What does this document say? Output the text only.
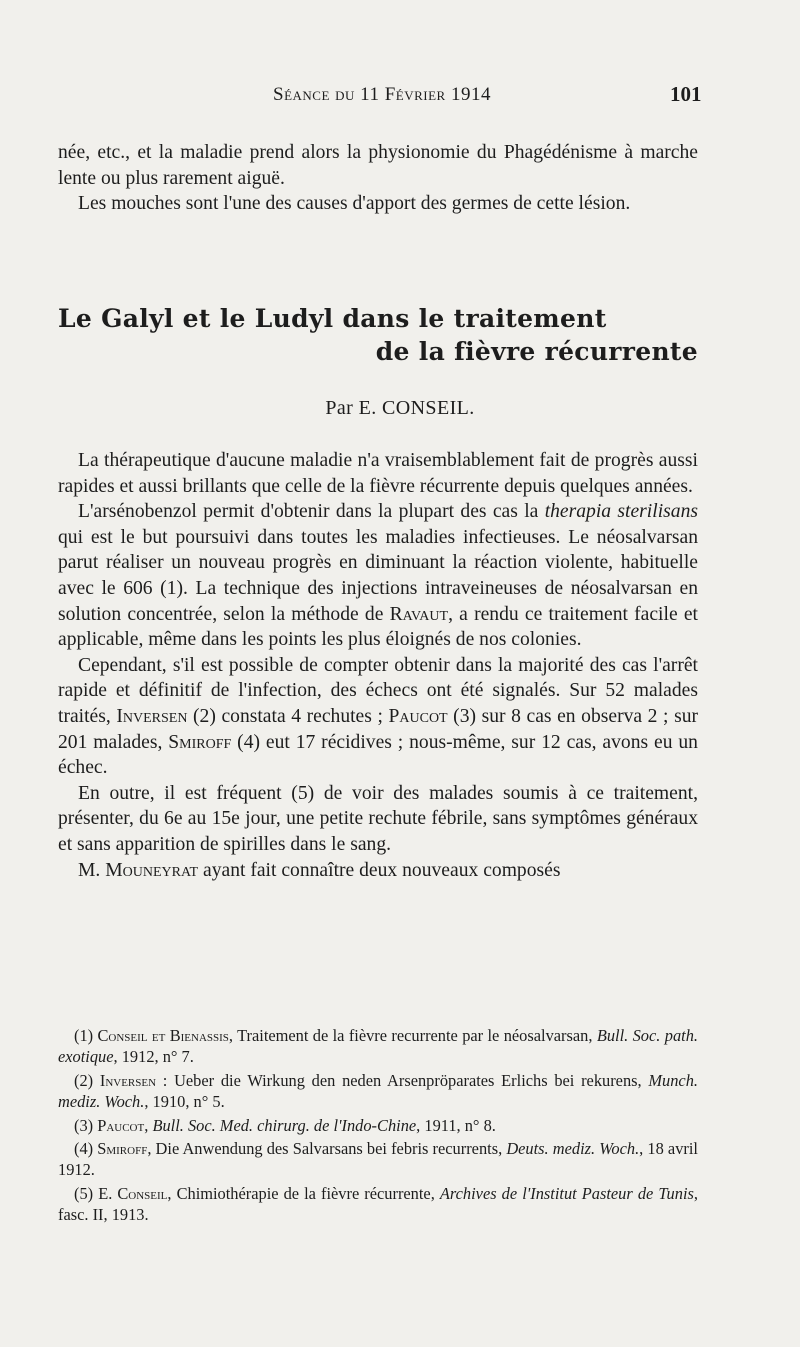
Séance du 11 Février 1914	101

née, etc., et la maladie prend alors la physionomie du Phagédénisme à marche lente ou plus rarement aiguë.

Les mouches sont l'une des causes d'apport des germes de cette lésion.

Le Galyl et le Ludyl dans le traitement
de la fièvre récurrente
Par E. CONSEIL.

La thérapeutique d'aucune maladie n'a vraisemblablement fait de progrès aussi rapides et aussi brillants que celle de la fièvre récurrente depuis quelques années.

L'arsénobenzol permit d'obtenir dans la plupart des cas la therapia sterilisans qui est le but poursuivi dans toutes les maladies infectieuses. Le néosalvarsan parut réaliser un nouveau progrès en diminuant la réaction violente, habituelle avec le 606 (1). La technique des injections intraveineuses de néosalvarsan en solution concentrée, selon la méthode de Ravaut, a rendu ce traitement facile et applicable, même dans les points les plus éloignés de nos colonies.

Cependant, s'il est possible de compter obtenir dans la majorité des cas l'arrêt rapide et définitif de l'infection, des échecs ont été signalés. Sur 52 malades traités, Inversen (2) constata 4 rechutes ; Paucot (3) sur 8 cas en observa 2 ; sur 201 malades, Smiroff (4) eut 17 récidives ; nous-même, sur 12 cas, avons eu un échec.

En outre, il est fréquent (5) de voir des malades soumis à ce traitement, présenter, du 6e au 15e jour, une petite rechute fébrile, sans symptômes généraux et sans apparition de spirilles dans le sang.

M. Mouneyrat ayant fait connaître deux nouveaux composés

(1) Conseil et Bienassis, Traitement de la fièvre recurrente par le néosalvarsan, Bull. Soc. path. exotique, 1912, n° 7.

(2) Inversen : Ueber die Wirkung den neden Arsenpröparates Erlichs bei rekurens, Munch. mediz. Woch., 1910, n° 5.

(3) Paucot, Bull. Soc. Med. chirurg. de l'Indo-Chine, 1911, n° 8.

(4) Smiroff, Die Anwendung des Salvarsans bei febris recurrents, Deuts. mediz. Woch., 18 avril 1912.

(5) E. Conseil, Chimiothérapie de la fièvre récurrente, Archives de l'Institut Pasteur de Tunis, fasc. II, 1913.
